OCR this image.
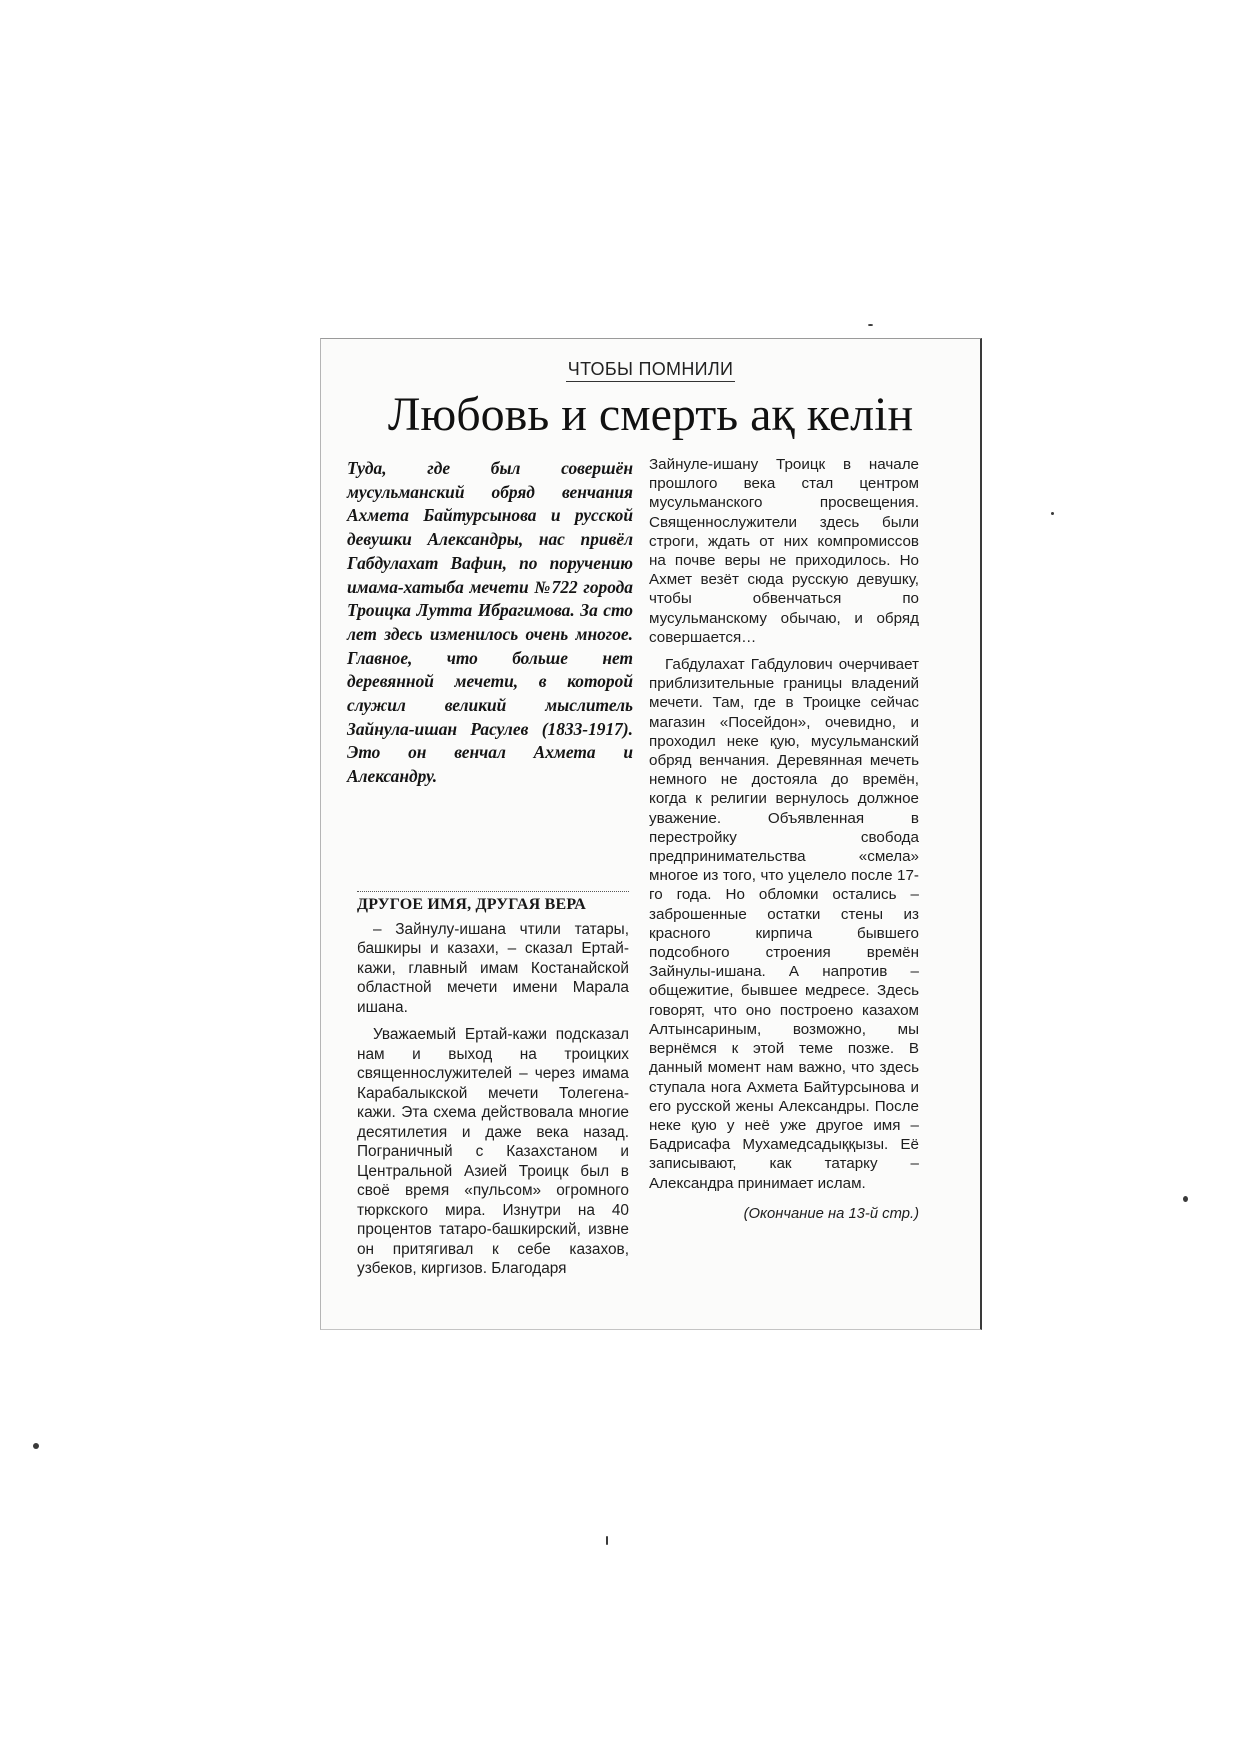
ЧТОБЫ ПОМНИЛИ
Любовь и смерть ақ келін
Туда, где был совершён мусульманский обряд венчания Ахмета Байтурсынова и русской девушки Александры, нас привёл Габдулахат Вафин, по поручению имама-хатыба мечети №722 города Троицка Лутта Ибрагимова. За сто лет здесь изменилось очень многое. Главное, что больше нет деревянной мечети, в которой служил великий мыслитель Зайнула-ишан Расулев (1833-1917). Это он венчал Ахмета и Александру.
ДРУГОЕ ИМЯ, ДРУГАЯ ВЕРА

– Зайнулу-ишана чтили татары, башкиры и казахи, – сказал Ертай-кажи, главный имам Костанайской областной мечети имени Марала ишана.

Уважаемый Ертай-кажи подсказал нам и выход на троицких священнослужителей – через имама Карабалыкской мечети Толегена-кажи. Эта схема действовала многие десятилетия и даже века назад. Пограничный с Казахстаном и Центральной Азией Троицк был в своё время «пульсом» огромного тюркского мира. Изнутри на 40 процентов татаро-башкирский, извне он притягивал к себе казахов, узбеков, киргизов. Благодаря

Зайнуле-ишану Троицк в начале прошлого века стал центром мусульманского просвещения. Священнослужители здесь были строги, ждать от них компромиссов на почве веры не приходилось. Но Ахмет везёт сюда русскую девушку, чтобы обвенчаться по мусульманскому обычаю, и обряд совершается…

Габдулахат Габдулович очерчивает приблизительные границы владений мечети. Там, где в Троицке сейчас магазин «Посейдон», очевидно, и проходил неке қую, мусульманский обряд венчания. Деревянная мечеть немного не достояла до времён, когда к религии вернулось должное уважение. Объявленная в перестройку свобода предпринимательства «смела» многое из того, что уцелело после 17-го года. Но обломки остались – заброшенные остатки стены из красного кирпича бывшего подсобного строения времён Зайнулы-ишана. А напротив – общежитие, бывшее медресе. Здесь говорят, что оно построено казахом Алтынсариным, возможно, мы вернёмся к этой теме позже. В данный момент нам важно, что здесь ступала нога Ахмета Байтурсынова и его русской жены Александры. После неке қую у неё уже другое имя – Бадрисафа Мухамедсадыққызы. Её записывают, как татарку – Александра принимает ислам.

(Окончание на 13-й стр.)
